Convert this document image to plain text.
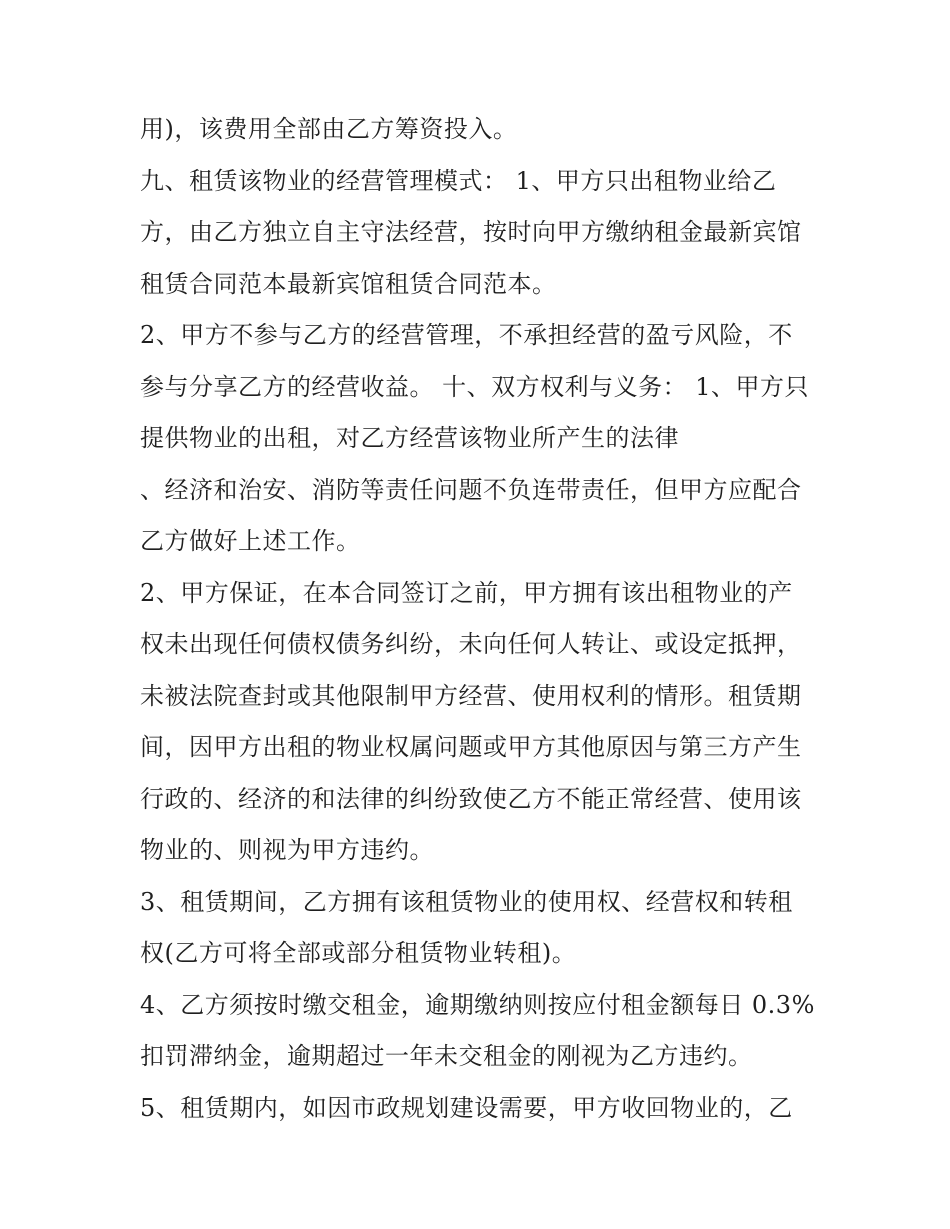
用)，该费用全部由乙方筹资投入。
九、租赁该物业的经营管理模式： 1、甲方只出租物业给乙
方，由乙方独立自主守法经营，按时向甲方缴纳租金最新宾馆
租赁合同范本最新宾馆租赁合同范本。
2、甲方不参与乙方的经营管理，不承担经营的盈亏风险，不
参与分享乙方的经营收益。 十、双方权利与义务： 1、甲方只
提供物业的出租，对乙方经营该物业所产生的法律
、经济和治安、消防等责任问题不负连带责任，但甲方应配合
乙方做好上述工作。
2、甲方保证，在本合同签订之前，甲方拥有该出租物业的产
权未出现任何债权债务纠纷，未向任何人转让、或设定抵押，
未被法院查封或其他限制甲方经营、使用权利的情形。租赁期
间，因甲方出租的物业权属问题或甲方其他原因与第三方产生
行政的、经济的和法律的纠纷致使乙方不能正常经营、使用该
物业的、则视为甲方违约。
3、租赁期间，乙方拥有该租赁物业的使用权、经营权和转租
权(乙方可将全部或部分租赁物业转租)。
4、乙方须按时缴交租金，逾期缴纳则按应付租金额每日 0.3%
扣罚滞纳金，逾期超过一年未交租金的刚视为乙方违约。
5、租赁期内，如因市政规划建设需要，甲方收回物业的，乙
